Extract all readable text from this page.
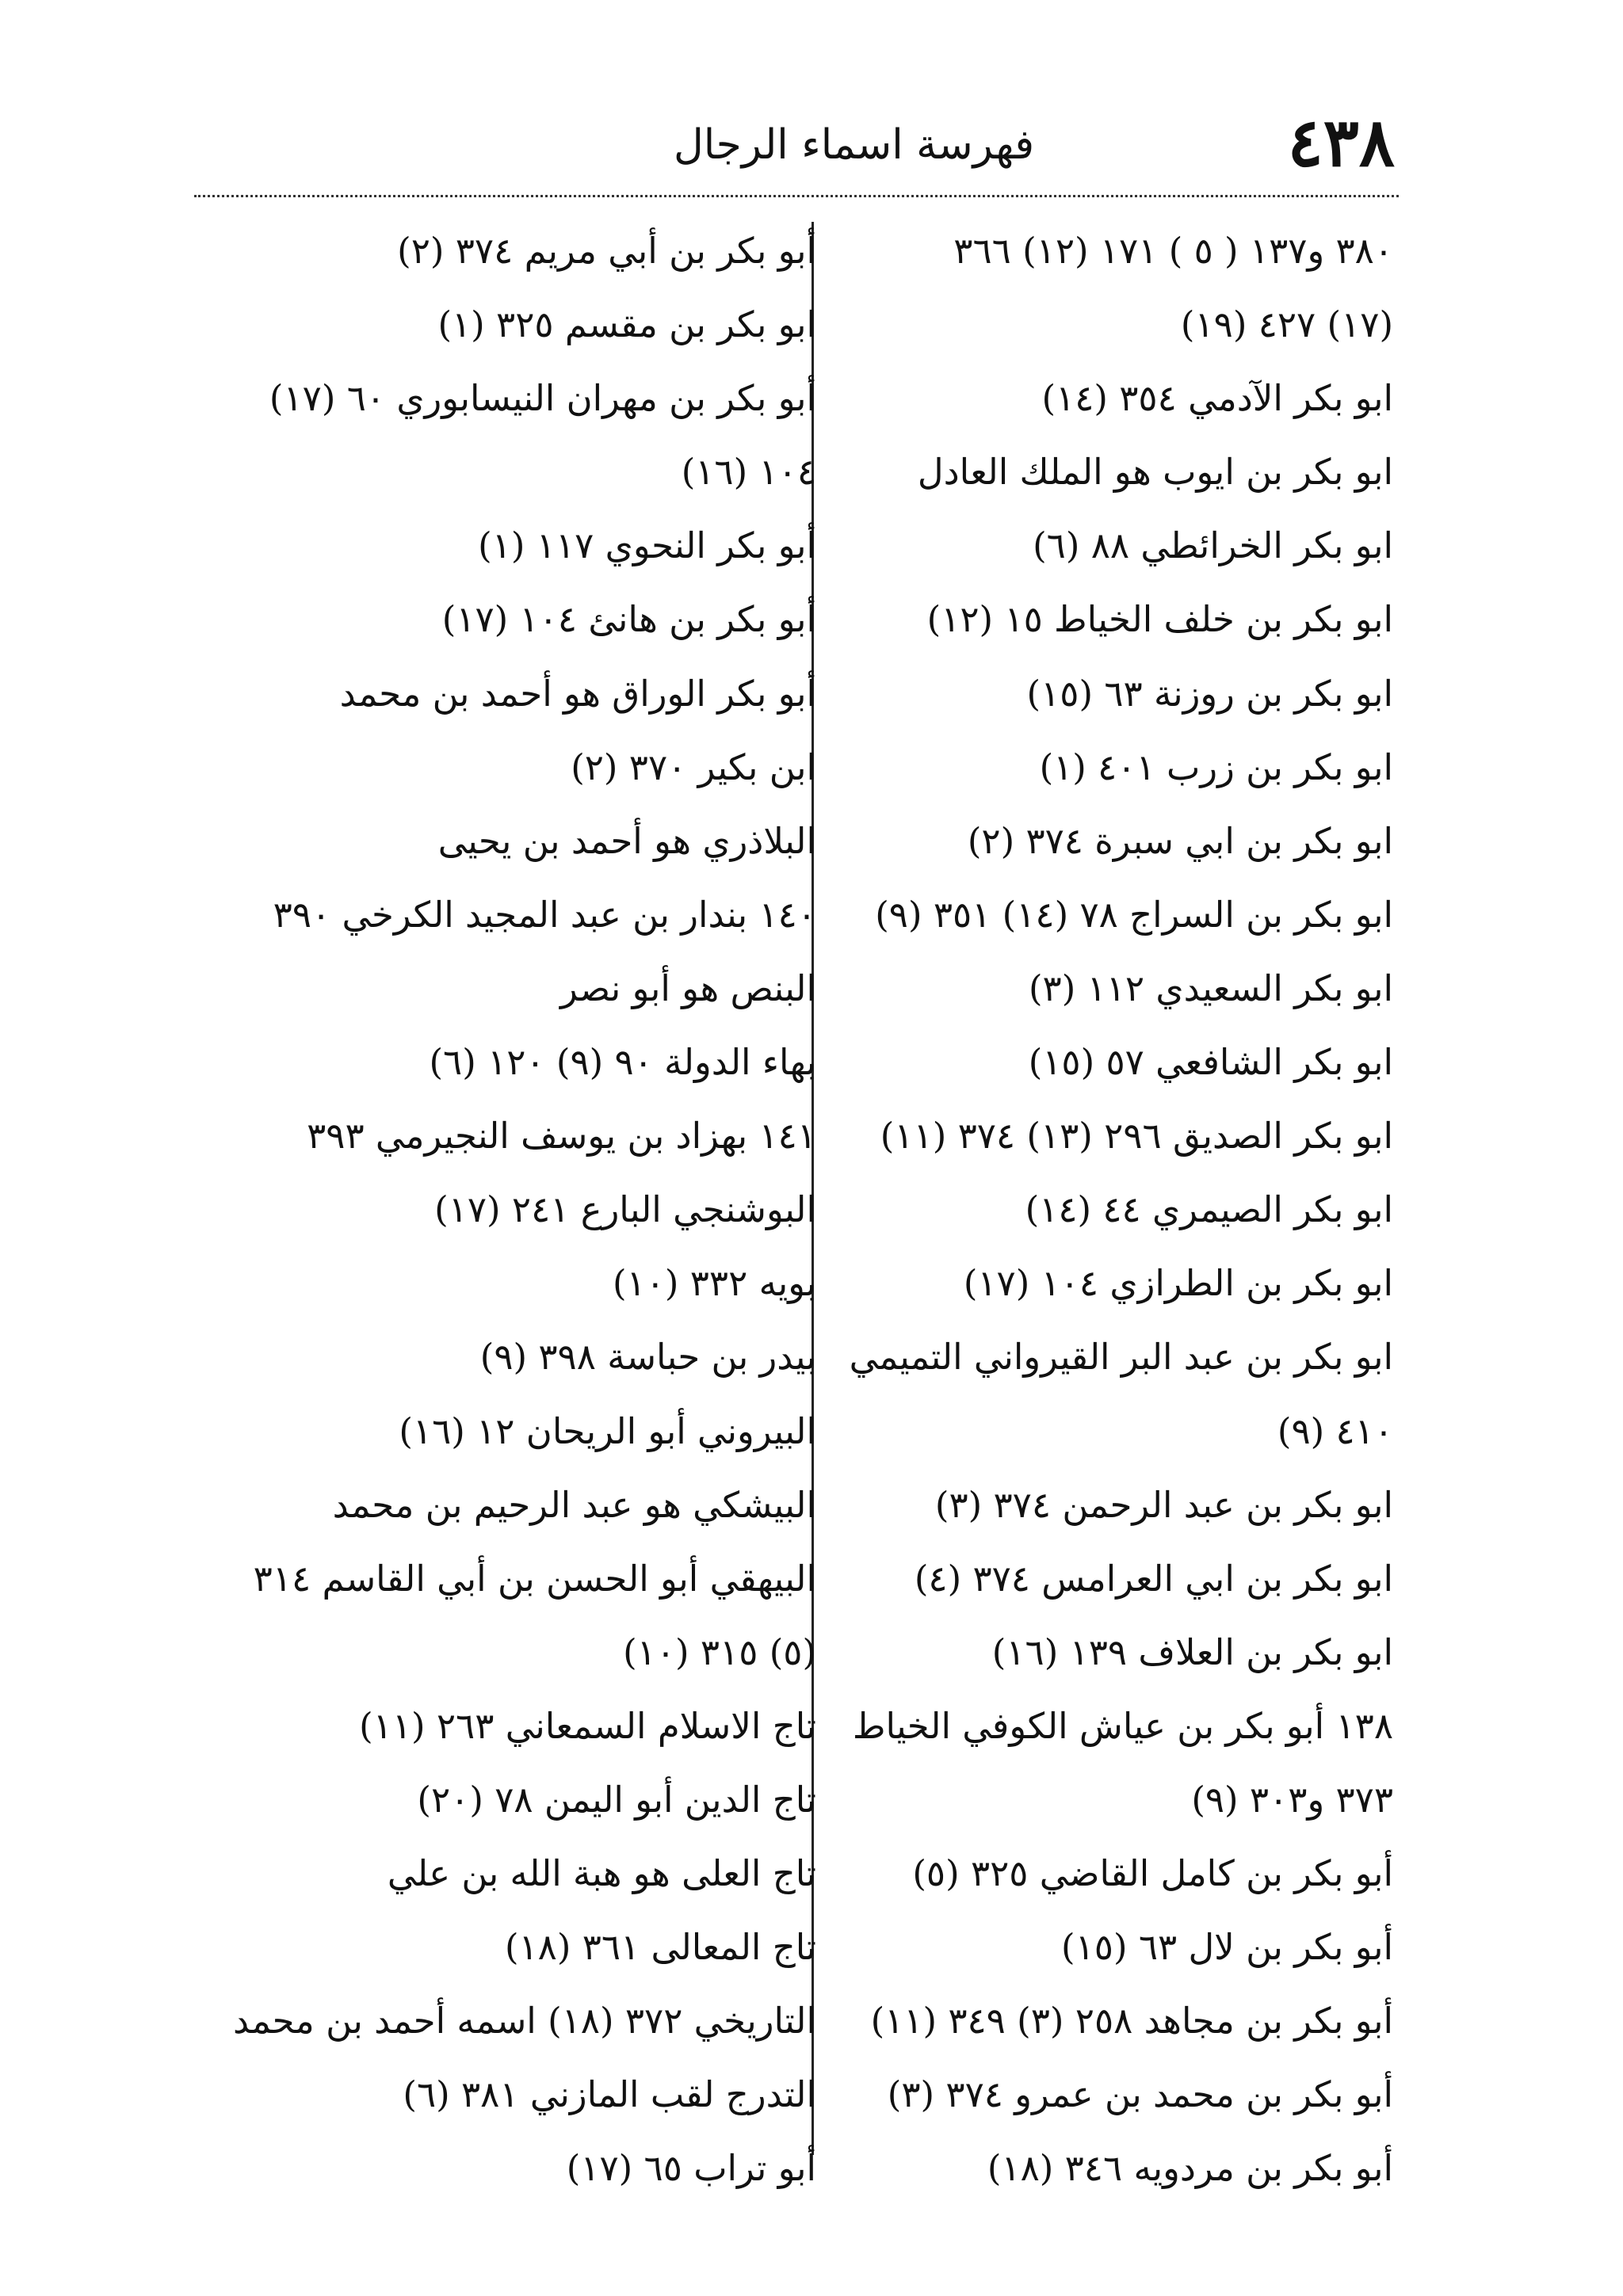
٤٣٨
فهرسة اسماء الرجال
٣٨٠ و١٣٧ ( ٥ ) ١٧١ (١٢) ٣٦٦
(١٧) ٤٢٧ (١٩)
ابو بكر الآدمي ٣٥٤ (١٤)
ابو بكر بن ايوب هو الملك العادل
ابو بكر الخرائطي ٨٨ (٦)
ابو بكر بن خلف الخياط ١٥ (١٢)
ابو بكر بن روزنة ٦٣ (١٥)
ابو بكر بن زرب ٤٠١ (١)
ابو بكر بن ابي سبرة ٣٧٤ (٢)
ابو بكر بن السراج ٧٨ (١٤) ٣٥١ (٩)
ابو بكر السعيدي ١١٢ (٣)
ابو بكر الشافعي ٥٧ (١٥)
ابو بكر الصديق ٢٩٦ (١٣) ٣٧٤ (١١)
ابو بكر الصيمري ٤٤ (١٤)
ابو بكر بن الطرازي ١٠٤ (١٧)
ابو بكر بن عبد البر القيرواني التميمي
٤١٠ (٩)
ابو بكر بن عبد الرحمن ٣٧٤ (٣)
ابو بكر بن ابي العرامس ٣٧٤ (٤)
ابو بكر بن العلاف ١٣٩ (١٦)
١٣٨ أبو بكر بن عياش الكوفي الخياط
٣٧٣ و٣٠٣ (٩)
أبو بكر بن كامل القاضي ٣٢٥ (٥)
أبو بكر بن لال ٦٣ (١٥)
أبو بكر بن مجاهد ٢٥٨ (٣) ٣٤٩ (١١)
أبو بكر بن محمد بن عمرو ٣٧٤ (٣)
أبو بكر بن مردويه ٣٤٦ (١٨)
أبو بكر بن أبي مريم ٣٧٤ (٢)
ابو بكر بن مقسم ٣٢٥ (١)
أبو بكر بن مهران النيسابوري ٦٠ (١٧)
١٠٤ (١٦)
أبو بكر النحوي ١١٧ (١)
أبو بكر بن هانئ ١٠٤ (١٧)
أبو بكر الوراق هو أحمد بن محمد
ابن بكير ٣٧٠ (٢)
البلاذري هو أحمد بن يحيى
١٤٠ بندار بن عبد المجيد الكرخي ٣٩٠
البنص هو أبو نصر
بهاء الدولة ٩٠ (٩) ١٢٠ (٦)
١٤١ بهزاد بن يوسف النجيرمي ٣٩٣
البوشنجي البارع ٢٤١ (١٧)
بويه ٣٣٢ (١٠)
بيدر بن حباسة ٣٩٨ (٩)
البيروني أبو الريحان ١٢ (١٦)
البيشكي هو عبد الرحيم بن محمد
البيهقي أبو الحسن بن أبي القاسم ٣١٤
(٥) ٣١٥ (١٠)
تاج الاسلام السمعاني ٢٦٣ (١١)
تاج الدين أبو اليمن ٧٨ (٢٠)
تاج العلى هو هبة الله بن علي
تاج المعالى ٣٦١ (١٨)
التاريخي ٣٧٢ (١٨) اسمه أحمد بن محمد
التدرج لقب المازني ٣٨١ (٦)
أبو تراب ٦٥ (١٧)
